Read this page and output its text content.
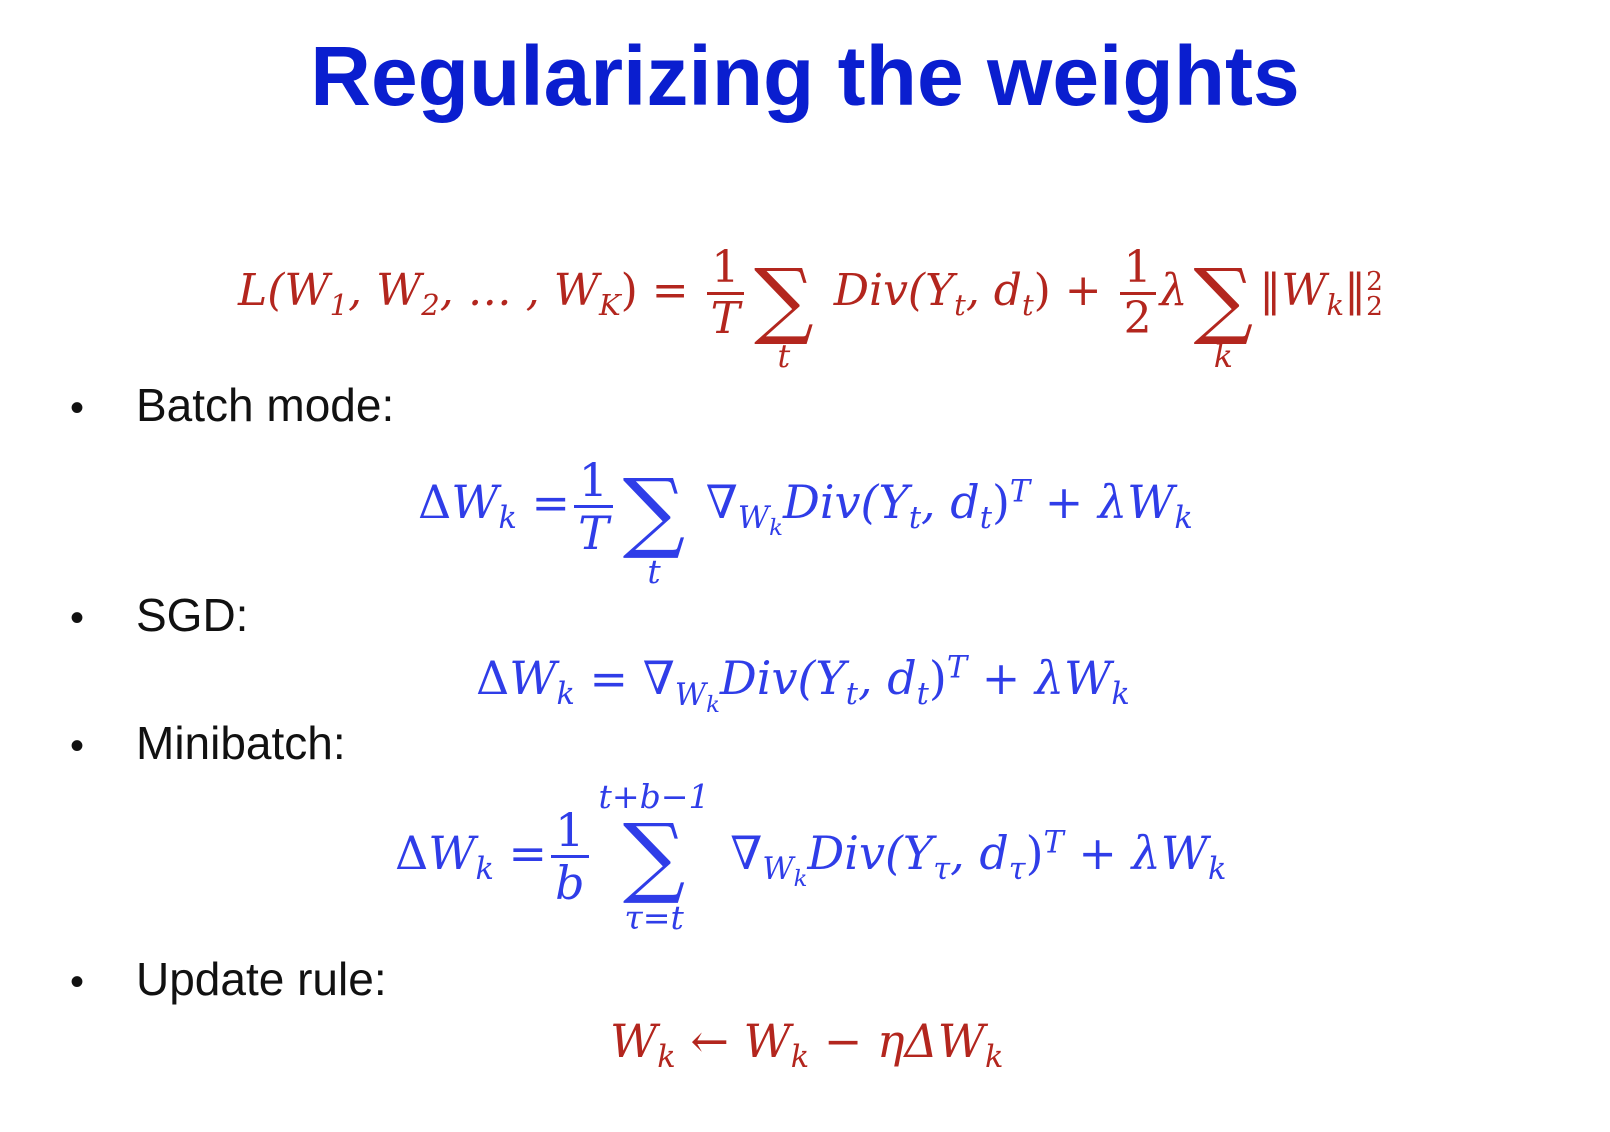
Regularizing the weights
$L(W_1$, $W_2$, … , $W_K) = \frac{1}{T}$ ∑
t
$Div(Y_t$, $d_t) + \frac{1}{2}$ λ ∑
k
$‖W_k‖$ 2
2
• Batch mode:
$\Delta W_k = \frac{1}{T}$ ∑
t
$\nabla_{W_k}Div(Y_t$, $d_t)^T + \lambda W_k$
• SGD:
$\Delta W_k = \nabla_{W_k}Div(Y_t$, $d_t)^T + \lambda W_k$
• Minibatch:
$\Delta W_k = \frac{1}{b}$
t+b−1
∑
τ=t
$\nabla_{W_k}Div(Y_\tau$, $d_\tau)^T + \lambda W_k$
• Update rule:
$W_k$ ← $W_k - \eta\Delta W_k$
